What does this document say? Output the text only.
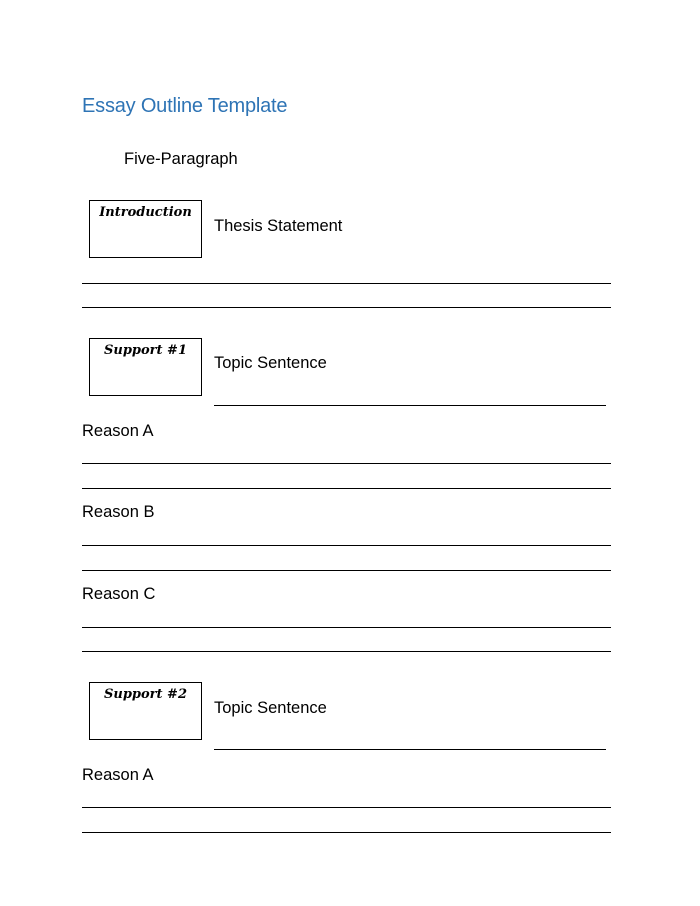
Essay Outline Template
Five-Paragraph
Introduction
Thesis Statement
Support #1
Topic Sentence
Reason A
Reason B
Reason C
Support #2
Topic Sentence
Reason A
